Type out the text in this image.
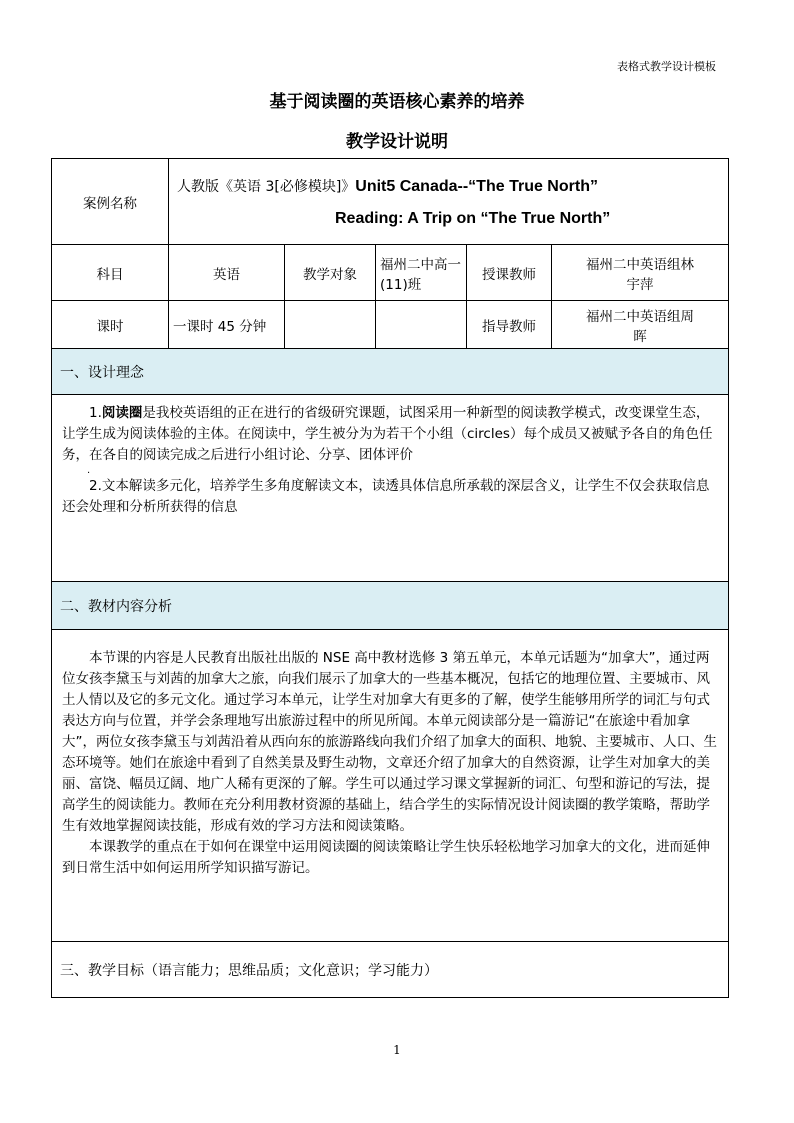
表格式教学设计模板
基于阅读圈的英语核心素养的培养
教学设计说明
案例名称	人教版《英语 3[必修模块]》Unit5 Canada--“The True North”
Reading: A Trip on “The True North”				

科目	英语	教学对象	福州二中高一(11)班	授课教师	福州二中英语组林宇萍
课时	一课时 45 分钟			指导教师	福州二中英语组周晖
一、设计理念					

1.阅读圈是我校英语组的正在进行的省级研究课题，试图采用一种新型的阅读教学模式，改变课堂生态，让学生成为阅读体验的主体。在阅读中，学生被分为为若干个小组（circles）每个成员又被赋予各自的角色任务，在各自的阅读完成之后进行小组讨论、分享、团体评价

.

2.文本解读多元化，培养学生多角度解读文本，读透具体信息所承载的深层含义，让学生不仅会获取信息还会处理和分析所获得的信息					

二、教材内容分析					

本节课的内容是人民教育出版社出版的 NSE 高中教材选修 3 第五单元，本单元话题为“加拿大”，通过两位女孩李黛玉与刘茜的加拿大之旅，向我们展示了加拿大的一些基本概况，包括它的地理位置、主要城市、风土人情以及它的多元文化。通过学习本单元，让学生对加拿大有更多的了解，使学生能够用所学的词汇与句式表达方向与位置，并学会条理地写出旅游过程中的所见所闻。本单元阅读部分是一篇游记“在旅途中看加拿大”，两位女孩李黛玉与刘茜沿着从西向东的旅游路线向我们介绍了加拿大的面积、地貌、主要城市、人口、生态环境等。她们在旅途中看到了自然美景及野生动物，文章还介绍了加拿大的自然资源，让学生对加拿大的美丽、富饶、幅员辽阔、地广人稀有更深的了解。学生可以通过学习课文掌握新的词汇、句型和游记的写法，提高学生的阅读能力。教师在充分利用教材资源的基础上，结合学生的实际情况设计阅读圈的教学策略，帮助学生有效地掌握阅读技能，形成有效的学习方法和阅读策略。

本课教学的重点在于如何在课堂中运用阅读圈的阅读策略让学生快乐轻松地学习加拿大的文化，进而延伸到日常生活中如何运用所学知识描写游记。					

三、教学目标（语言能力；思维品质；文化意识；学习能力）					
1
